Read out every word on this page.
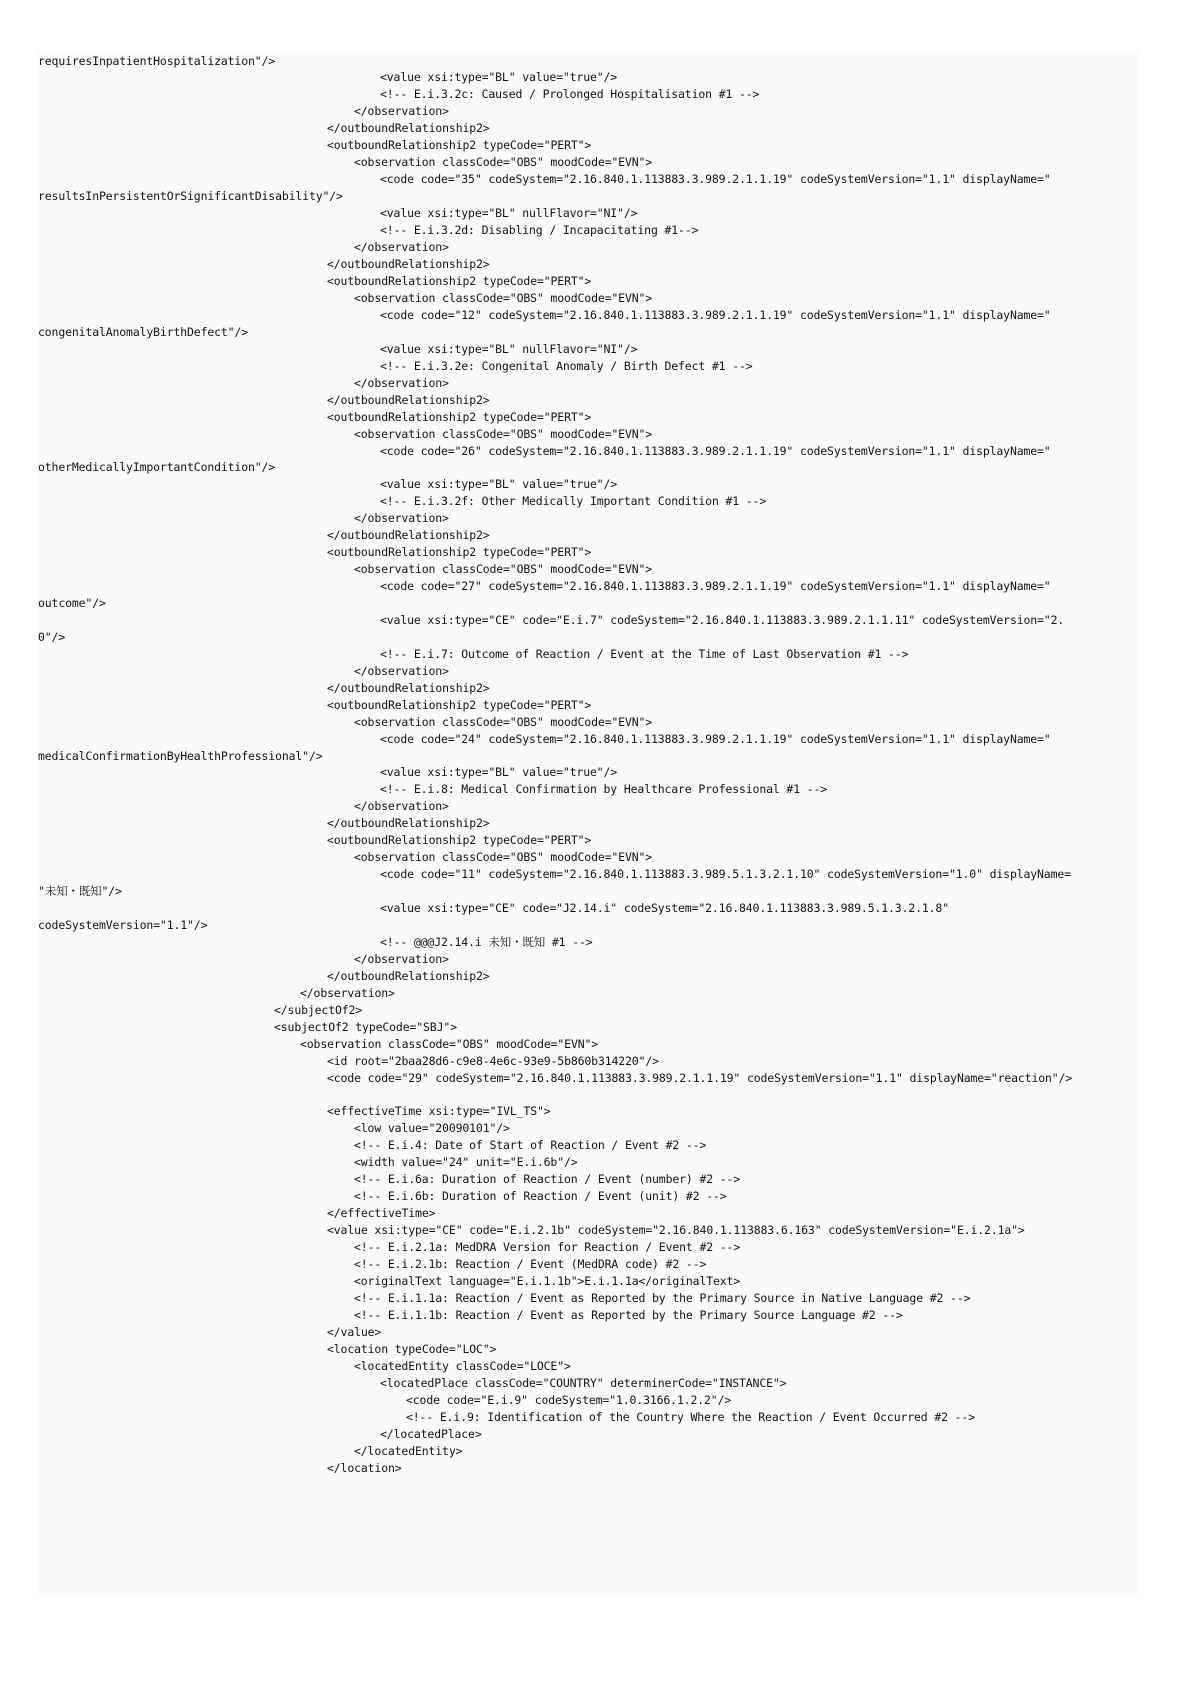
requiresInpatientHospitalization"/>
<value xsi:type="BL" value="true"/>
<!-- E.i.3.2c: Caused / Prolonged Hospitalisation #1 -->
</observation>
</outboundRelationship2>
<outboundRelationship2 typeCode="PERT">
<observation classCode="OBS" moodCode="EVN">
<code code="35" codeSystem="2.16.840.1.113883.3.989.2.1.1.19" codeSystemVersion="1.1" displayName="
resultsInPersistentOrSignificantDisability"/>
<value xsi:type="BL" nullFlavor="NI"/>
<!-- E.i.3.2d: Disabling / Incapacitating #1-->
</observation>
</outboundRelationship2>
<outboundRelationship2 typeCode="PERT">
<observation classCode="OBS" moodCode="EVN">
<code code="12" codeSystem="2.16.840.1.113883.3.989.2.1.1.19" codeSystemVersion="1.1" displayName="
congenitalAnomalyBirthDefect"/>
<value xsi:type="BL" nullFlavor="NI"/>
<!-- E.i.3.2e: Congenital Anomaly / Birth Defect #1 -->
</observation>
</outboundRelationship2>
<outboundRelationship2 typeCode="PERT">
<observation classCode="OBS" moodCode="EVN">
<code code="26" codeSystem="2.16.840.1.113883.3.989.2.1.1.19" codeSystemVersion="1.1" displayName="
otherMedicallyImportantCondition"/>
<value xsi:type="BL" value="true"/>
<!-- E.i.3.2f: Other Medically Important Condition #1 -->
</observation>
</outboundRelationship2>
<outboundRelationship2 typeCode="PERT">
<observation classCode="OBS" moodCode="EVN">
<code code="27" codeSystem="2.16.840.1.113883.3.989.2.1.1.19" codeSystemVersion="1.1" displayName="
outcome"/>
<value xsi:type="CE" code="E.i.7" codeSystem="2.16.840.1.113883.3.989.2.1.1.11" codeSystemVersion="2.
0"/>
<!-- E.i.7: Outcome of Reaction / Event at the Time of Last Observation #1 -->
</observation>
</outboundRelationship2>
<outboundRelationship2 typeCode="PERT">
<observation classCode="OBS" moodCode="EVN">
<code code="24" codeSystem="2.16.840.1.113883.3.989.2.1.1.19" codeSystemVersion="1.1" displayName="
medicalConfirmationByHealthProfessional"/>
<value xsi:type="BL" value="true"/>
<!-- E.i.8: Medical Confirmation by Healthcare Professional #1 -->
</observation>
</outboundRelationship2>
<outboundRelationship2 typeCode="PERT">
<observation classCode="OBS" moodCode="EVN">
<code code="11" codeSystem="2.16.840.1.113883.3.989.5.1.3.2.1.10" codeSystemVersion="1.0" displayName=
"未知・既知"/>
<value xsi:type="CE" code="J2.14.i" codeSystem="2.16.840.1.113883.3.989.5.1.3.2.1.8"
codeSystemVersion="1.1"/>
<!-- @@@J2.14.i 未知・既知 #1 -->
</observation>
</outboundRelationship2>
</observation>
</subjectOf2>
<subjectOf2 typeCode="SBJ">
<observation classCode="OBS" moodCode="EVN">
<id root="2baa28d6-c9e8-4e6c-93e9-5b860b314220"/>
<code code="29" codeSystem="2.16.840.1.113883.3.989.2.1.1.19" codeSystemVersion="1.1" displayName="reaction"/>
<effectiveTime xsi:type="IVL_TS">
<low value="20090101"/>
<!-- E.i.4: Date of Start of Reaction / Event #2 -->
<width value="24" unit="E.i.6b"/>
<!-- E.i.6a: Duration of Reaction / Event (number) #2 -->
<!-- E.i.6b: Duration of Reaction / Event (unit) #2 -->
</effectiveTime>
<value xsi:type="CE" code="E.i.2.1b" codeSystem="2.16.840.1.113883.6.163" codeSystemVersion="E.i.2.1a">
<!-- E.i.2.1a: MedDRA Version for Reaction / Event #2 -->
<!-- E.i.2.1b: Reaction / Event (MedDRA code) #2 -->
<originalText language="E.i.1.1b">E.i.1.1a</originalText>
<!-- E.i.1.1a: Reaction / Event as Reported by the Primary Source in Native Language #2 -->
<!-- E.i.1.1b: Reaction / Event as Reported by the Primary Source Language #2 -->
</value>
<location typeCode="LOC">
<locatedEntity classCode="LOCE">
<locatedPlace classCode="COUNTRY" determinerCode="INSTANCE">
<code code="E.i.9" codeSystem="1.0.3166.1.2.2"/>
<!-- E.i.9: Identification of the Country Where the Reaction / Event Occurred #2 -->
</locatedPlace>
</locatedEntity>
</location>
